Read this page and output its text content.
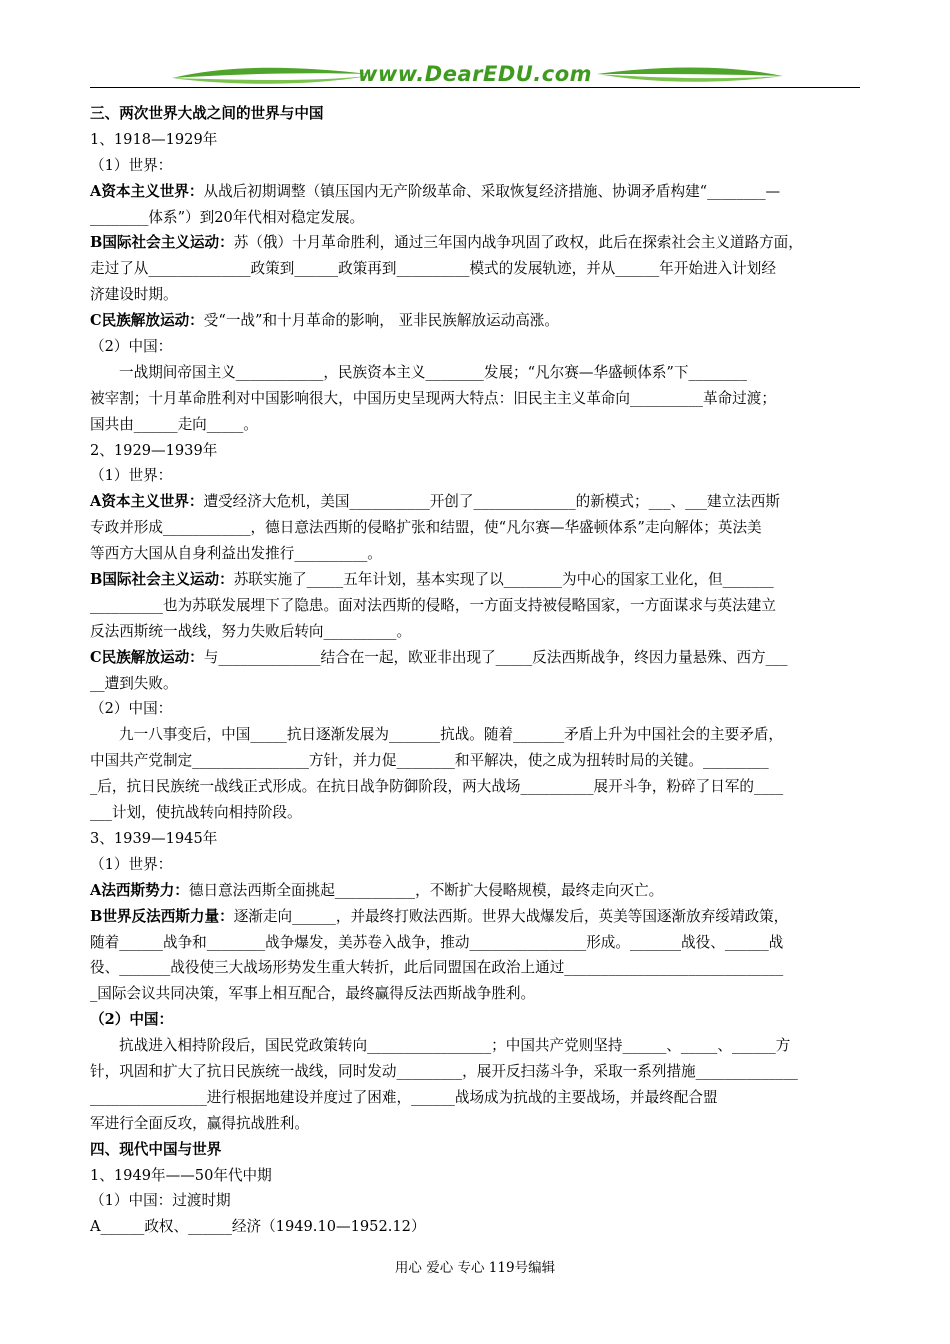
www.DearEDU.com
三、两次世界大战之间的世界与中国
1、1918—1929年
（1）世界：
A资本主义世界：从战后初期调整（镇压国内无产阶级革命、采取恢复经济措施、协调矛盾构建“________—
________体系”）到20年代相对稳定发展。
B国际社会主义运动：苏（俄）十月革命胜利，通过三年国内战争巩固了政权，此后在探索社会主义道路方面，
走过了从______________政策到______政策再到__________模式的发展轨迹，并从______年开始进入计划经
济建设时期。
C民族解放运动：受“一战”和十月革命的影响， 亚非民族解放运动高涨。
（2）中国：
一战期间帝国主义____________，民族资本主义________发展；“凡尔赛—华盛顿体系”下________
被宰割；十月革命胜利对中国影响很大，中国历史呈现两大特点：旧民主主义革命向__________革命过渡；
国共由______走向_____。
2、1929—1939年
（1）世界：
A资本主义世界：遭受经济大危机，美国___________开创了______________的新模式；___、___建立法西斯
专政并形成____________，德日意法西斯的侵略扩张和结盟，使“凡尔赛—华盛顿体系”走向解体；英法美
等西方大国从自身利益出发推行__________。
B国际社会主义运动：苏联实施了_____五年计划，基本实现了以________为中心的国家工业化，但_______
__________也为苏联发展埋下了隐患。面对法西斯的侵略，一方面支持被侵略国家，一方面谋求与英法建立
反法西斯统一战线，努力失败后转向__________。
C民族解放运动：与______________结合在一起，欧亚非出现了_____反法西斯战争，终因力量悬殊、西方___
__遭到失败。
（2）中国：
九一八事变后，中国_____抗日逐渐发展为_______抗战。随着_______矛盾上升为中国社会的主要矛盾，
中国共产党制定________________方针，并力促________和平解决，使之成为扭转时局的关键。_________
_后，抗日民族统一战线正式形成。在抗日战争防御阶段，两大战场__________展开斗争，粉碎了日军的____
___计划，使抗战转向相持阶段。
3、1939—1945年
（1）世界：
A法西斯势力：德日意法西斯全面挑起___________，不断扩大侵略规模，最终走向灭亡。
B世界反法西斯力量：逐渐走向______，并最终打败法西斯。世界大战爆发后，英美等国逐渐放弃绥靖政策，
随着______战争和________战争爆发，美苏卷入战争，推动________________形成。_______战役、______战
役、_______战役使三大战场形势发生重大转折，此后同盟国在政治上通过______________________________
_国际会议共同决策，军事上相互配合，最终赢得反法西斯战争胜利。
（2）中国：
抗战进入相持阶段后，国民党政策转向_________________；中国共产党则坚持______、_____、______方
针，巩固和扩大了抗日民族统一战线，同时发动_________，展开反扫荡斗争，采取一系列措施______________
________________进行根据地建设并度过了困难，______战场成为抗战的主要战场，并最终配合盟
军进行全面反攻，赢得抗战胜利。
四、现代中国与世界
1、1949年——50年代中期
（1）中国：过渡时期
A______政权、______经济（1949.10—1952.12）
用心 爱心 专心 119号编辑
